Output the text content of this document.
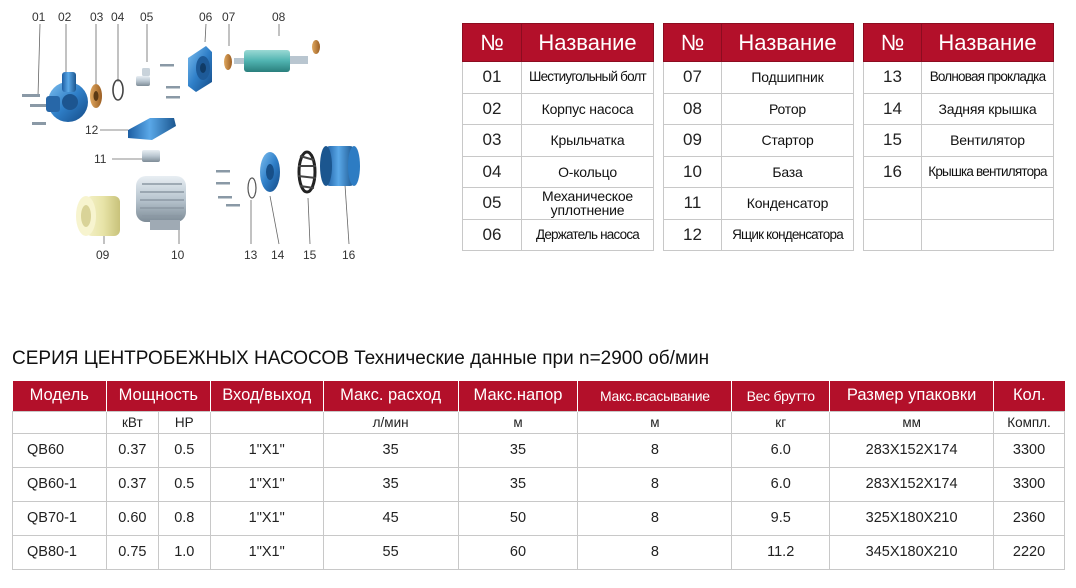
01 02 03 04 05	06 07	08
09	10
11
12
13 14 15 16
№	Название
01	Шестиугольный болт
02	Корпус насоса
03	Крыльчатка
04	О-кольцо
05	Механическое уплотнение
06	Держатель насоса
№	Название
07	Подшипник
08	Ротор
09	Стартор
10	База
11	Конденсатор
12	Ящик конденсатора
№	Название
13	Волновая прокладка
14	Задняя крышка
15	Вентилятор
16	Крышка вентилятора

СЕРИЯ ЦЕНТРОБЕЖНЫХ НАСОСОВ Технические данные при n=2900 об/мин
Модель	Мощность		Вход/выход	Макс. расход	Макс.напор	Макс.всасывание	Вес брутто	Размер упаковки	Кол.
	кВт	HP		л/мин	м	м	кг	мм	Компл.
QB60	0.37	0.5	1"X1"	35	35	8	6.0	283X152X174	3300
QB60-1	0.37	0.5	1"X1"	35	35	8	6.0	283X152X174	3300
QB70-1	0.60	0.8	1"X1"	45	50	8	9.5	325X180X210	2360
QB80-1	0.75	1.0	1"X1"	55	60	8	11.2	345X180X210	2220
